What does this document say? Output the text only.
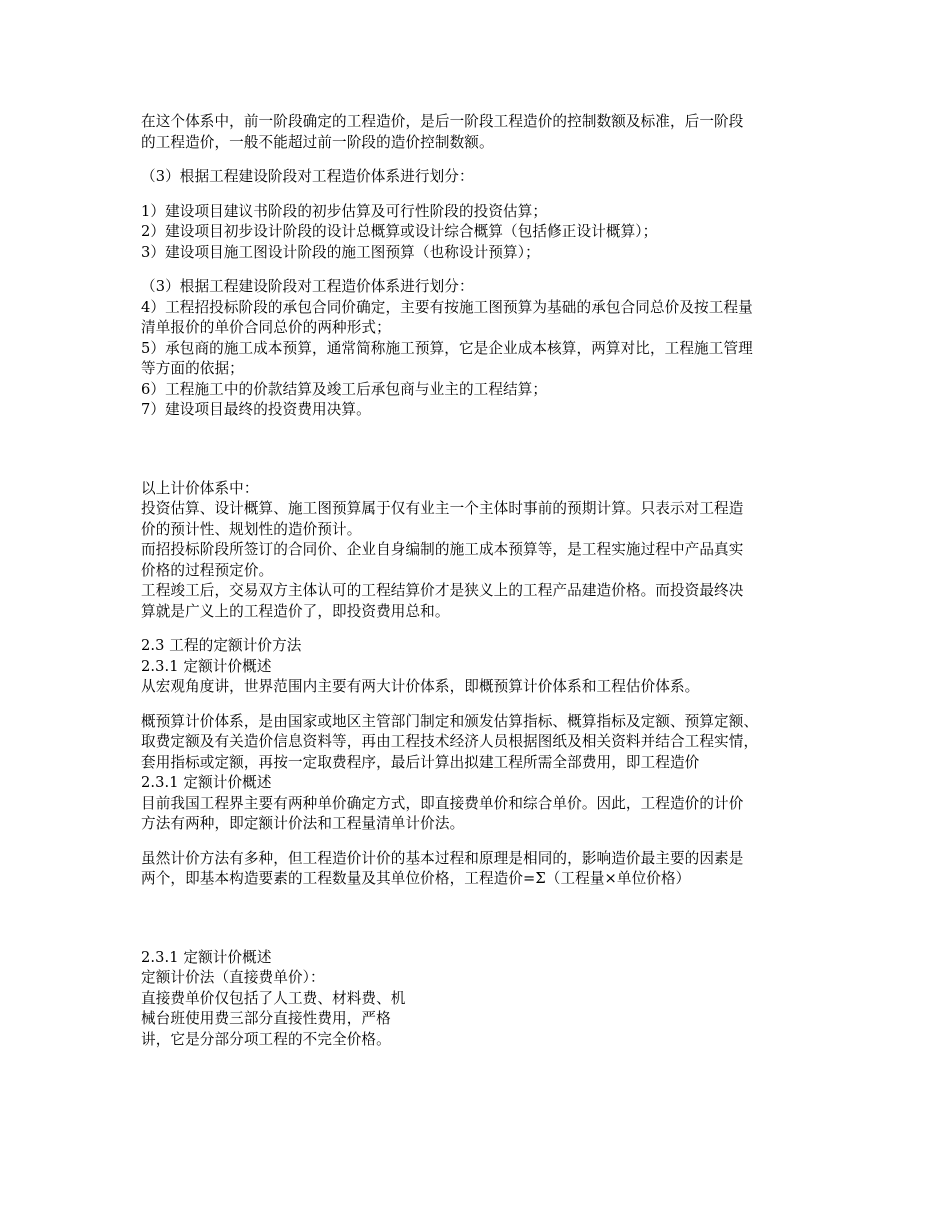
在这个体系中，前一阶段确定的工程造价，是后一阶段工程造价的控制数额及标准，后一阶段
的工程造价，一般不能超过前一阶段的造价控制数额。
（3）根据工程建设阶段对工程造价体系进行划分：
1）建设项目建议书阶段的初步估算及可行性阶段的投资估算；
2）建设项目初步设计阶段的设计总概算或设计综合概算（包括修正设计概算）；
3）建设项目施工图设计阶段的施工图预算（也称设计预算）；
（3）根据工程建设阶段对工程造价体系进行划分：
4）工程招投标阶段的承包合同价确定，主要有按施工图预算为基础的承包合同总价及按工程量
清单报价的单价合同总价的两种形式；
5）承包商的施工成本预算，通常简称施工预算，它是企业成本核算，两算对比，工程施工管理
等方面的依据；
6）工程施工中的价款结算及竣工后承包商与业主的工程结算；
7）建设项目最终的投资费用决算。
以上计价体系中：
投资估算、设计概算、施工图预算属于仅有业主一个主体时事前的预期计算。只表示对工程造
价的预计性、规划性的造价预计。
而招投标阶段所签订的合同价、企业自身编制的施工成本预算等，是工程实施过程中产品真实
价格的过程预定价。
工程竣工后，交易双方主体认可的工程结算价才是狭义上的工程产品建造价格。而投资最终决
算就是广义上的工程造价了，即投资费用总和。
2.3 工程的定额计价方法
2.3.1 定额计价概述
从宏观角度讲，世界范围内主要有两大计价体系，即概预算计价体系和工程估价体系。
概预算计价体系，是由国家或地区主管部门制定和颁发估算指标、概算指标及定额、预算定额、
取费定额及有关造价信息资料等，再由工程技术经济人员根据图纸及相关资料并结合工程实情，
套用指标或定额，再按一定取费程序，最后计算出拟建工程所需全部费用，即工程造价
2.3.1 定额计价概述
目前我国工程界主要有两种单价确定方式，即直接费单价和综合单价。因此，工程造价的计价
方法有两种，即定额计价法和工程量清单计价法。
虽然计价方法有多种，但工程造价计价的基本过程和原理是相同的，影响造价最主要的因素是
两个，即基本构造要素的工程数量及其单位价格，工程造价=Σ（工程量×单位价格）
2.3.1 定额计价概述
定额计价法（直接费单价）：
直接费单价仅包括了人工费、材料费、机
械台班使用费三部分直接性费用，严格
讲，它是分部分项工程的不完全价格。
